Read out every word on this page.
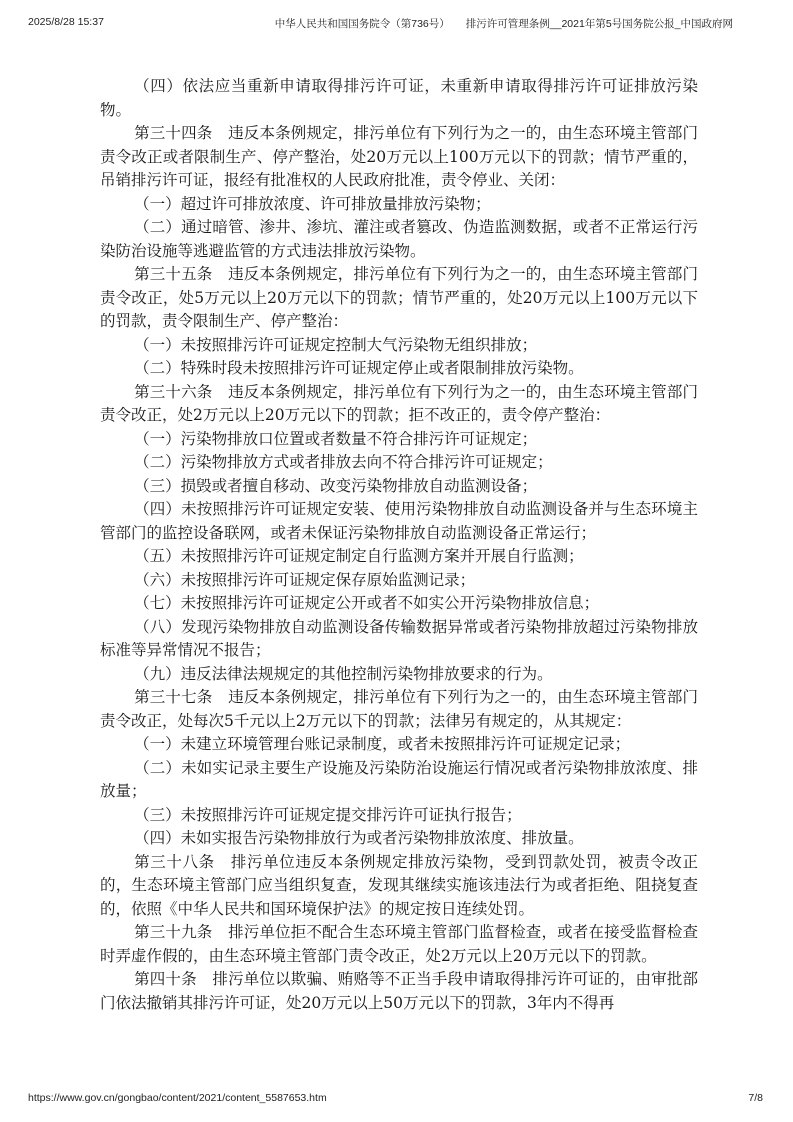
2025/8/28 15:37	中华人民共和国国务院令（第736号） 排污许可管理条例__2021年第5号国务院公报_中国政府网

（四）依法应当重新申请取得排污许可证，未重新申请取得排污许可证排放污染物。

第三十四条　违反本条例规定，排污单位有下列行为之一的，由生态环境主管部门责令改正或者限制生产、停产整治，处20万元以上100万元以下的罚款；情节严重的，吊销排污许可证，报经有批准权的人民政府批准，责令停业、关闭：

（一）超过许可排放浓度、许可排放量排放污染物；

（二）通过暗管、渗井、渗坑、灌注或者篡改、伪造监测数据，或者不正常运行污染防治设施等逃避监管的方式违法排放污染物。

第三十五条　违反本条例规定，排污单位有下列行为之一的，由生态环境主管部门责令改正，处5万元以上20万元以下的罚款；情节严重的，处20万元以上100万元以下的罚款，责令限制生产、停产整治：

（一）未按照排污许可证规定控制大气污染物无组织排放；

（二）特殊时段未按照排污许可证规定停止或者限制排放污染物。

第三十六条　违反本条例规定，排污单位有下列行为之一的，由生态环境主管部门责令改正，处2万元以上20万元以下的罚款；拒不改正的，责令停产整治：

（一）污染物排放口位置或者数量不符合排污许可证规定；

（二）污染物排放方式或者排放去向不符合排污许可证规定；

（三）损毁或者擅自移动、改变污染物排放自动监测设备；

（四）未按照排污许可证规定安装、使用污染物排放自动监测设备并与生态环境主管部门的监控设备联网，或者未保证污染物排放自动监测设备正常运行；

（五）未按照排污许可证规定制定自行监测方案并开展自行监测；

（六）未按照排污许可证规定保存原始监测记录；

（七）未按照排污许可证规定公开或者不如实公开污染物排放信息；

（八）发现污染物排放自动监测设备传输数据异常或者污染物排放超过污染物排放标准等异常情况不报告；

（九）违反法律法规规定的其他控制污染物排放要求的行为。

第三十七条　违反本条例规定，排污单位有下列行为之一的，由生态环境主管部门责令改正，处每次5千元以上2万元以下的罚款；法律另有规定的，从其规定：

（一）未建立环境管理台账记录制度，或者未按照排污许可证规定记录；

（二）未如实记录主要生产设施及污染防治设施运行情况或者污染物排放浓度、排放量；

（三）未按照排污许可证规定提交排污许可证执行报告；

（四）未如实报告污染物排放行为或者污染物排放浓度、排放量。

第三十八条　排污单位违反本条例规定排放污染物，受到罚款处罚，被责令改正的，生态环境主管部门应当组织复查，发现其继续实施该违法行为或者拒绝、阻挠复查的，依照《中华人民共和国环境保护法》的规定按日连续处罚。

第三十九条　排污单位拒不配合生态环境主管部门监督检查，或者在接受监督检查时弄虚作假的，由生态环境主管部门责令改正，处2万元以上20万元以下的罚款。

第四十条　排污单位以欺骗、贿赂等不正当手段申请取得排污许可证的，由审批部门依法撤销其排污许可证，处20万元以上50万元以下的罚款，3年内不得再

https://www.gov.cn/gongbao/content/2021/content_5587653.htm	7/8
